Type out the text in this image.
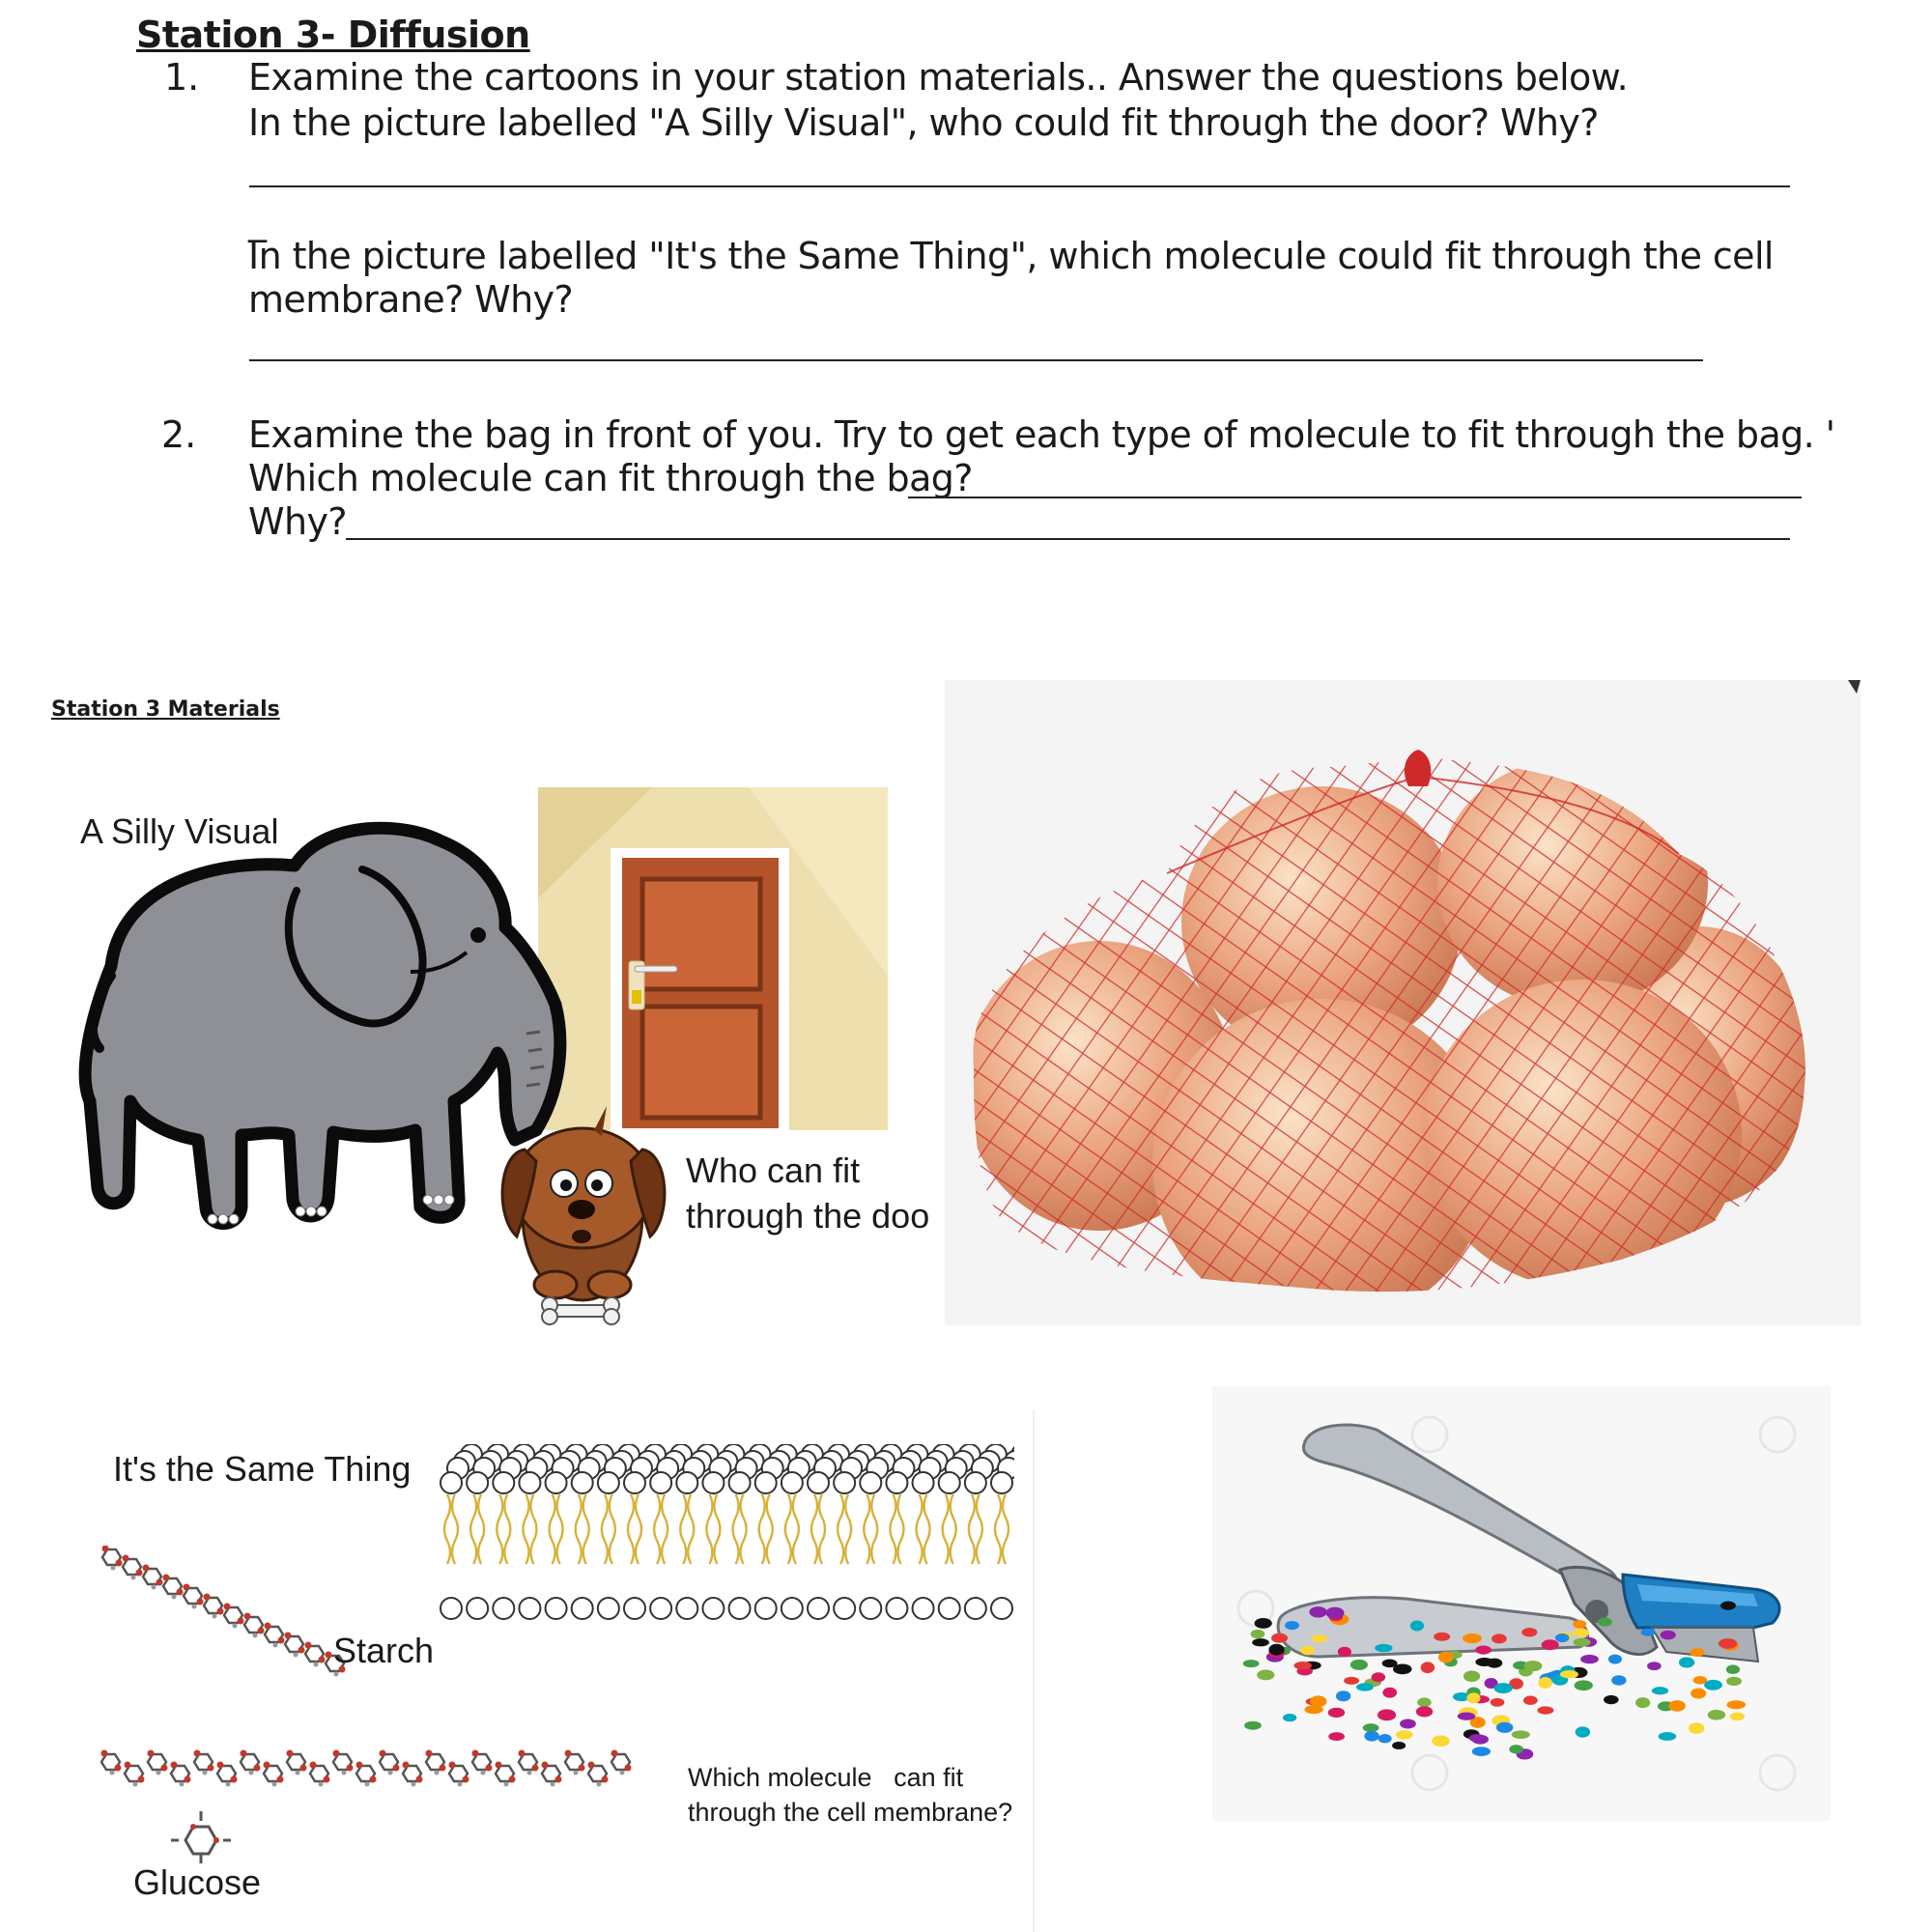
Station 3- Diffusion
1. Examine the cartoons in your station materials.. Answer the questions below.
In the picture labelled "A Silly Visual", who could fit through the door? Why?
_
In the picture labelled "It's the Same Thing", which molecule could fit through the cell
membrane? Why?
2. Examine the bag in front of you. Try to get each type of molecule to fit through the bag. '
Which molecule can fit through the bag?
Why?
Station 3 Materials
A Silly Visual
Who can fit
through the doo
It's the Same Thing
Starch
Glucose
Which molecule   can fit
through the cell membrane?
